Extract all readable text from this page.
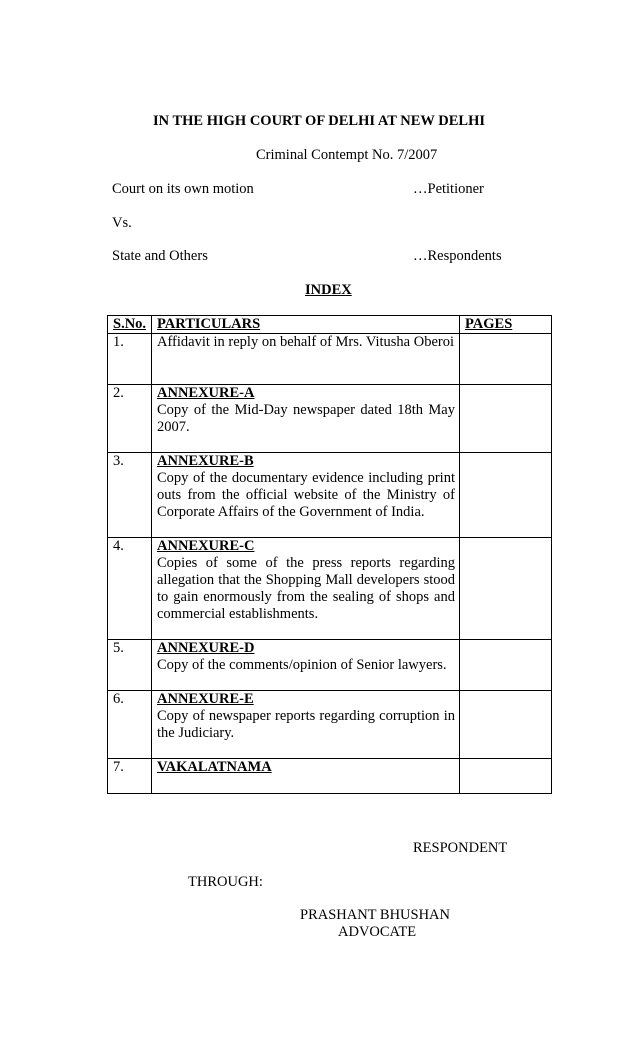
IN THE HIGH COURT OF DELHI AT NEW DELHI
Criminal Contempt No. 7/2007
Court on its own motion	…Petitioner
Vs.
State and Others	…Respondents
INDEX
S.No.	PARTICULARS	PAGES
1.	Affidavit in reply on behalf of Mrs. Vitusha Oberoi	

2.	ANNEXURE-A
Copy of the Mid-Day newspaper dated 18th May 2007.	

3.	ANNEXURE-B
Copy of the documentary evidence including print outs from the official website of the Ministry of Corporate Affairs of the Government of India.	

4.	ANNEXURE-C
Copies of some of the press reports regarding allegation that the Shopping Mall developers stood to gain enormously from the sealing of shops and commercial establishments.	

5.	ANNEXURE-D
Copy of the comments/opinion of Senior lawyers.	

6.	ANNEXURE-E
Copy of newspaper reports regarding corruption in the Judiciary.	

7.	VAKALATNAMA	

RESPONDENT
THROUGH:
PRASHANT BHUSHAN
ADVOCATE
